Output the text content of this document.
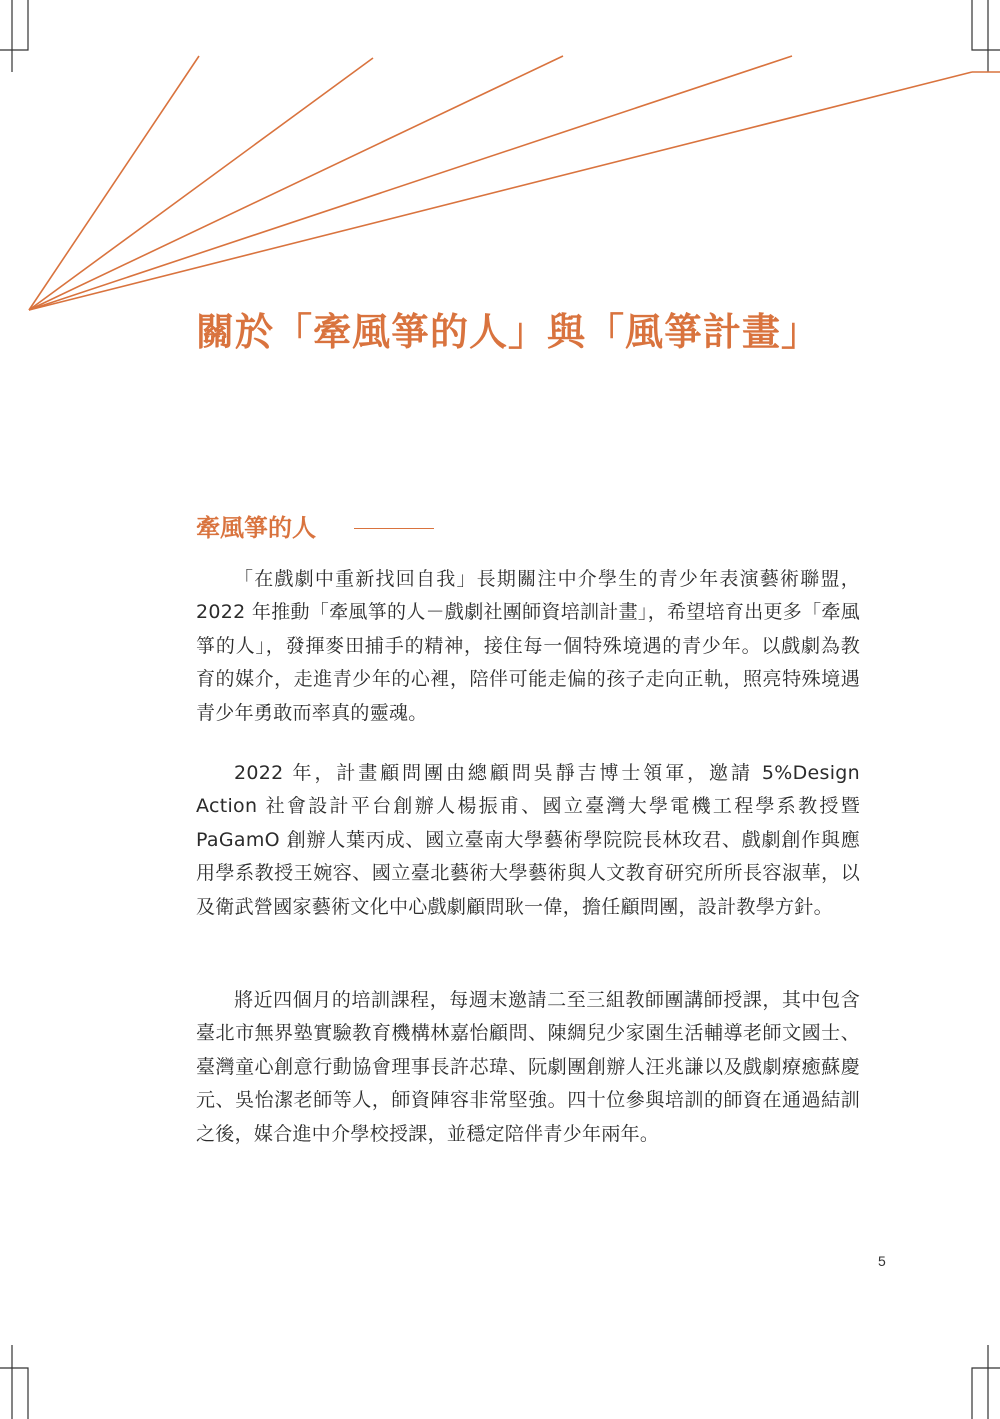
關於「牽風箏的人」與「風箏計畫」
牽風箏的人

「在戲劇中重新找回自我」長期關注中介學生的青少年表演藝術聯盟，2022 年推動「牽風箏的人－戲劇社團師資培訓計畫」，希望培育出更多「牽風箏的人」，發揮麥田捕手的精神，接住每一個特殊境遇的青少年。以戲劇為教育的媒介，走進青少年的心裡，陪伴可能走偏的孩子走向正軌，照亮特殊境遇青少年勇敢而率真的靈魂。

2022 年，計畫顧問團由總顧問吳靜吉博士領軍，邀請 5%Design Action 社會設計平台創辦人楊振甫、國立臺灣大學電機工程學系教授暨 PaGamO 創辦人葉丙成、國立臺南大學藝術學院院長林玫君、戲劇創作與應用學系教授王婉容、國立臺北藝術大學藝術與人文教育研究所所長容淑華，以及衛武營國家藝術文化中心戲劇顧問耿一偉，擔任顧問團，設計教學方針。

將近四個月的培訓課程，每週末邀請二至三組教師團講師授課，其中包含臺北市無界塾實驗教育機構林嘉怡顧問、陳綢兒少家園生活輔導老師文國士、臺灣童心創意行動協會理事長許芯瑋、阮劇團創辦人汪兆謙以及戲劇療癒蘇慶元、吳怡潔老師等人，師資陣容非常堅強。四十位參與培訓的師資在通過結訓之後，媒合進中介學校授課，並穩定陪伴青少年兩年。

5
